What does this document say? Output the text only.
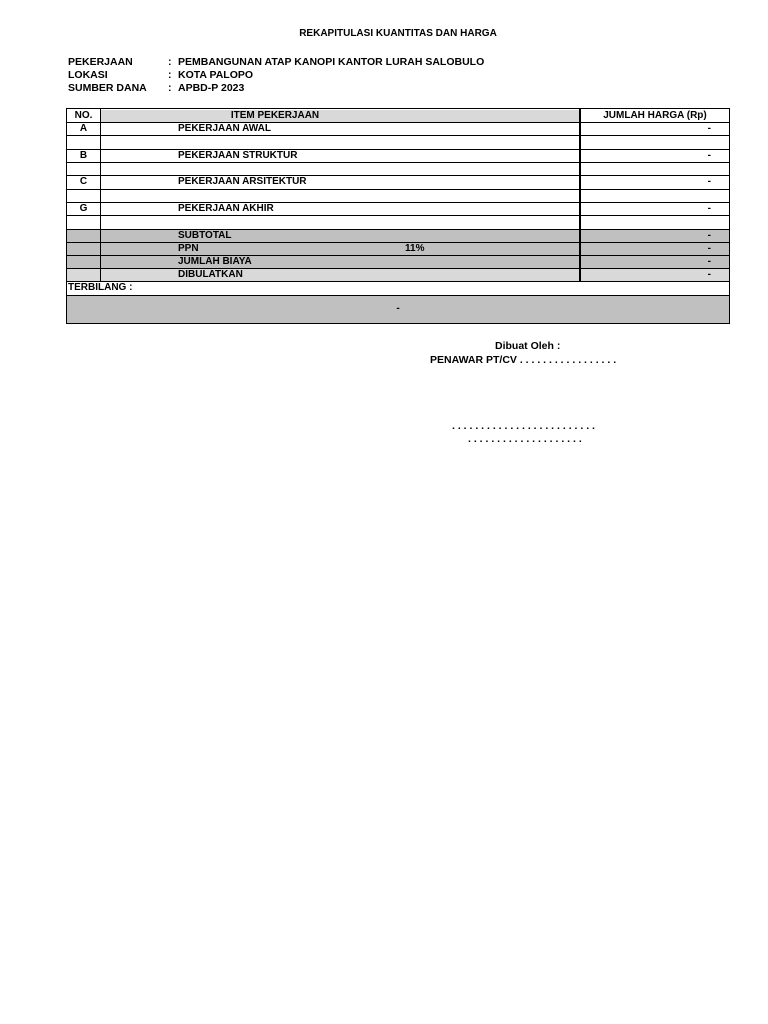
REKAPITULASI KUANTITAS DAN HARGA
PEKERJAAN	: PEMBANGUNAN ATAP KANOPI KANTOR LURAH SALOBULO
LOKASI	: KOTA PALOPO
SUMBER DANA	: APBD-P 2023
NO.	ITEM PEKERJAAN	JUMLAH HARGA (Rp)
A	PEKERJAAN AWAL	-
B	PEKERJAAN STRUKTUR	-
C	PEKERJAAN ARSITEKTUR	-
G	PEKERJAAN AKHIR	-
SUBTOTAL	-
PPN	11%	-
JUMLAH BIAYA	-
DIBULATKAN	-
TERBILANG :
-
Dibuat Oleh :
PENAWAR PT/CV . . . . . . . . . . . . . . . . .
. . . . . . . . . . . . . . . . . . . . . . . . .
. . . . . . . . . . . . . . . . . . . .
